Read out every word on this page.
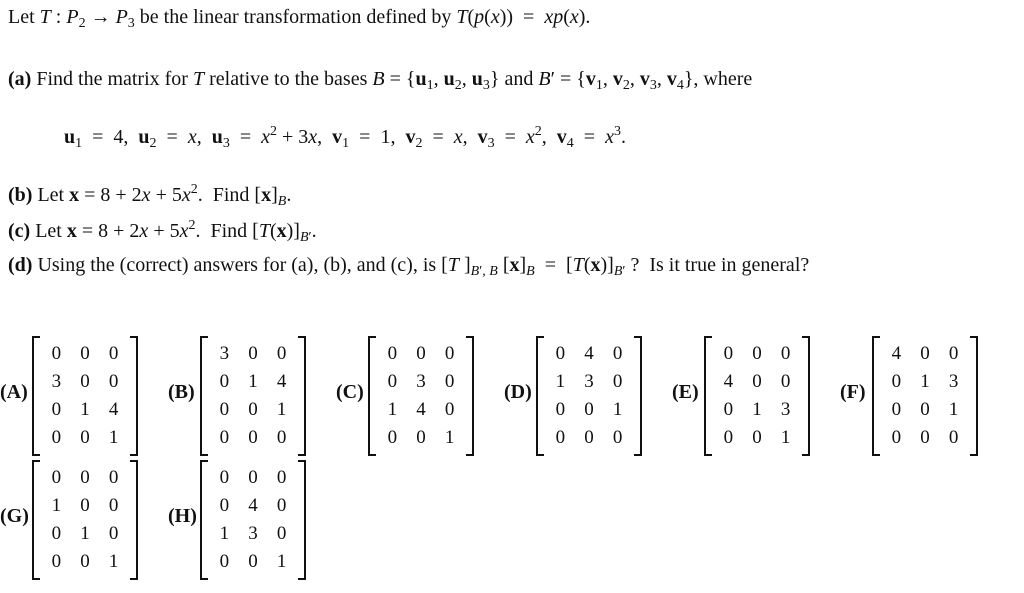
Let T : $P_2 \to P_3$ be the linear transformation defined by T(p(x))  =  xp(x).
(a) Find the matrix for T relative to the bases $B = \{u_1$, $u_2$, $u_3$} and $B' = \{v_1$, $v_2$, $v_3$, $v_4$}, where
$u_1 = 4$,  $u_2 = x$,  $u_3 = x^2 + 3x$,  $v_1 = 1$,  $v_2 = x$,  $v_3 = x^2$,  $v_4 = x^3$.
(b) Let $x = 8 + 2x + 5x^2$.  Find $[x]_B$.
(c) Let $x = 8 + 2x + 5x^2$.  Find $[T(x)]_{B'}$.
(d) Using the (correct) answers for (a), (b), and (c), is [T ]$_{B', B}$ $[x]_B = [T(x)]_{B'}$ ?  Is it true in general?
(A)
0 0 0
3 0 0
0 1 4
0 0 1
(B)
3 0 0
0 1 4
0 0 1
0 0 0
(C)
0 0 0
0 3 0
1 4 0
0 0 1
(D)
0 4 0
1 3 0
0 0 1
0 0 0
(E)
0 0 0
4 0 0
0 1 3
0 0 1
(F)
4 0 0
0 1 3
0 0 1
0 0 0
(G)
0 0 0
1 0 0
0 1 0
0 0 1
(H)
0 0 0
0 4 0
1 3 0
0 0 1
